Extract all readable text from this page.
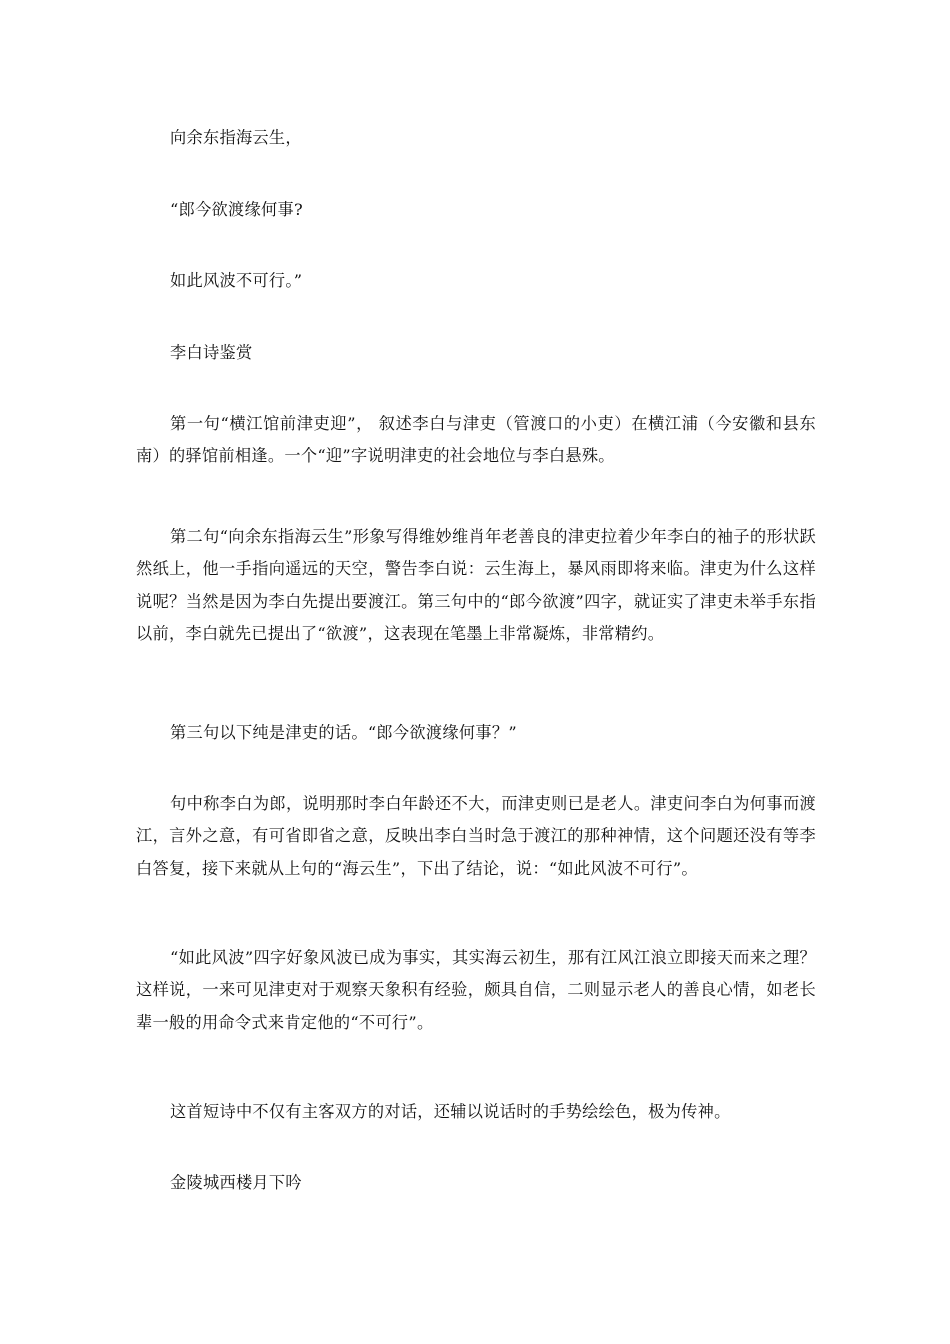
向余东指海云生，

“郎今欲渡缘何事?

如此风波不可行。”

李白诗鉴赏

第一句“横江馆前津吏迎”， 叙述李白与津吏（管渡口的小吏）在横江浦（今安徽和县东南）的驿馆前相逢。一个“迎”字说明津吏的社会地位与李白悬殊。

第二句“向余东指海云生”形象写得维妙维肖年老善良的津吏拉着少年李白的袖子的形状跃然纸上，他一手指向遥远的天空，警告李白说：云生海上，暴风雨即将来临。津吏为什么这样说呢？当然是因为李白先提出要渡江。第三句中的“郎今欲渡”四字，就证实了津吏未举手东指以前，李白就先已提出了“欲渡”，这表现在笔墨上非常凝炼，非常精约。

第三句以下纯是津吏的话。“郎今欲渡缘何事？”

句中称李白为郎，说明那时李白年龄还不大，而津吏则已是老人。津吏问李白为何事而渡江，言外之意，有可省即省之意，反映出李白当时急于渡江的那种神情，这个问题还没有等李白答复，接下来就从上句的“海云生”，下出了结论，说：“如此风波不可行”。

“如此风波”四字好象风波已成为事实，其实海云初生，那有江风江浪立即接天而来之理？这样说，一来可见津吏对于观察天象积有经验，颇具自信，二则显示老人的善良心情，如老长辈一般的用命令式来肯定他的“不可行”。

这首短诗中不仅有主客双方的对话，还辅以说话时的手势绘绘色，极为传神。

金陵城西楼月下吟
